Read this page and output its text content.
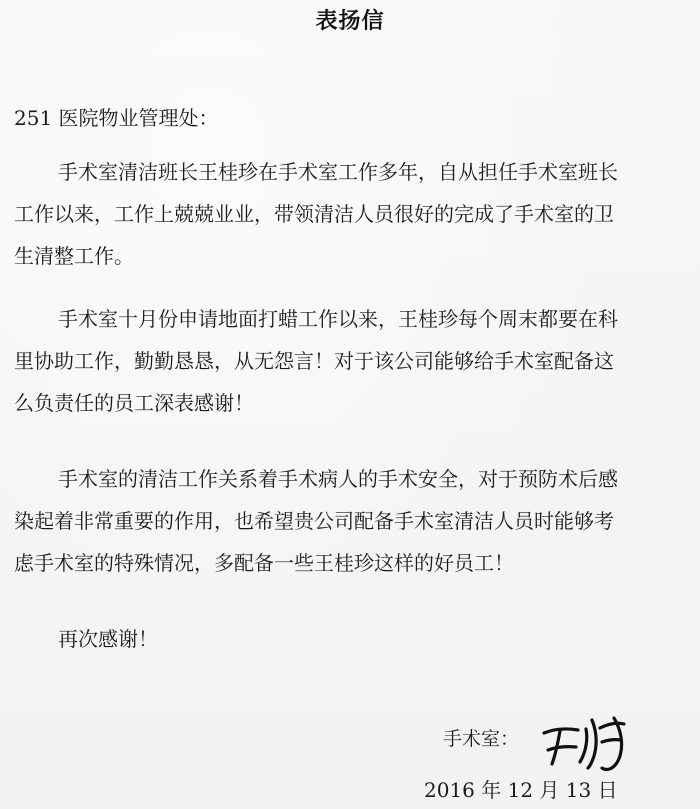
表扬信
251 医院物业管理处：

手术室清洁班长王桂珍在手术室工作多年，自从担任手术室班长
工作以来，工作上兢兢业业，带领清洁人员很好的完成了手术室的卫
生清整工作。

手术室十月份申请地面打蜡工作以来，王桂珍每个周末都要在科
里协助工作，勤勤恳恳，从无怨言！对于该公司能够给手术室配备这
么负责任的员工深表感谢！

手术室的清洁工作关系着手术病人的手术安全，对于预防术后感
染起着非常重要的作用，也希望贵公司配备手术室清洁人员时能够考
虑手术室的特殊情况，多配备一些王桂珍这样的好员工！

再次感谢！

手术室：
2016 年 12 月 13 日
